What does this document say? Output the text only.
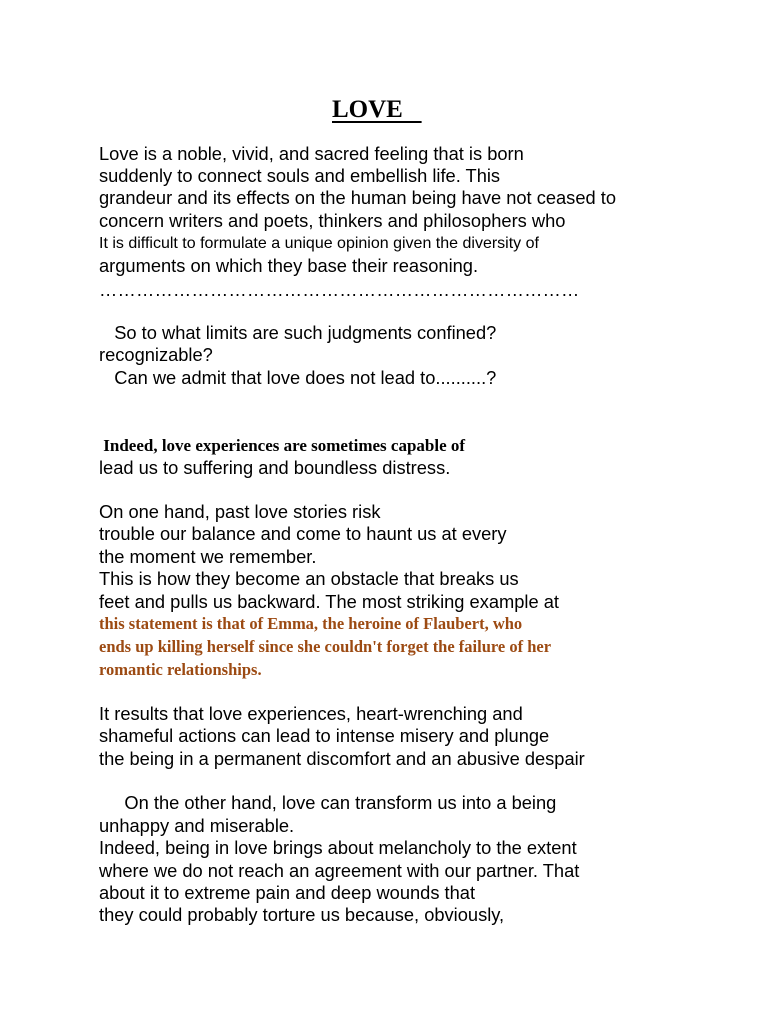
LOVE
Love is a noble, vivid, and sacred feeling that is born
suddenly to connect souls and embellish life. This
grandeur and its effects on the human being have not ceased to
concern writers and poets, thinkers and philosophers who
It is difficult to formulate a unique opinion given the diversity of
arguments on which they base their reasoning.
……………………………………………………………………
So to what limits are such judgments confined?
recognizable?
Can we admit that love does not lead to..........?
Indeed, love experiences are sometimes capable of
lead us to suffering and boundless distress.
On one hand, past love stories risk
trouble our balance and come to haunt us at every
the moment we remember.
This is how they become an obstacle that breaks us
feet and pulls us backward. The most striking example at
this statement is that of Emma, the heroine of Flaubert, who
ends up killing herself since she couldn't forget the failure of her
romantic relationships.
It results that love experiences, heart-wrenching and
shameful actions can lead to intense misery and plunge
the being in a permanent discomfort and an abusive despair
On the other hand, love can transform us into a being
unhappy and miserable.
Indeed, being in love brings about melancholy to the extent
where we do not reach an agreement with our partner. That
about it to extreme pain and deep wounds that
they could probably torture us because, obviously,
